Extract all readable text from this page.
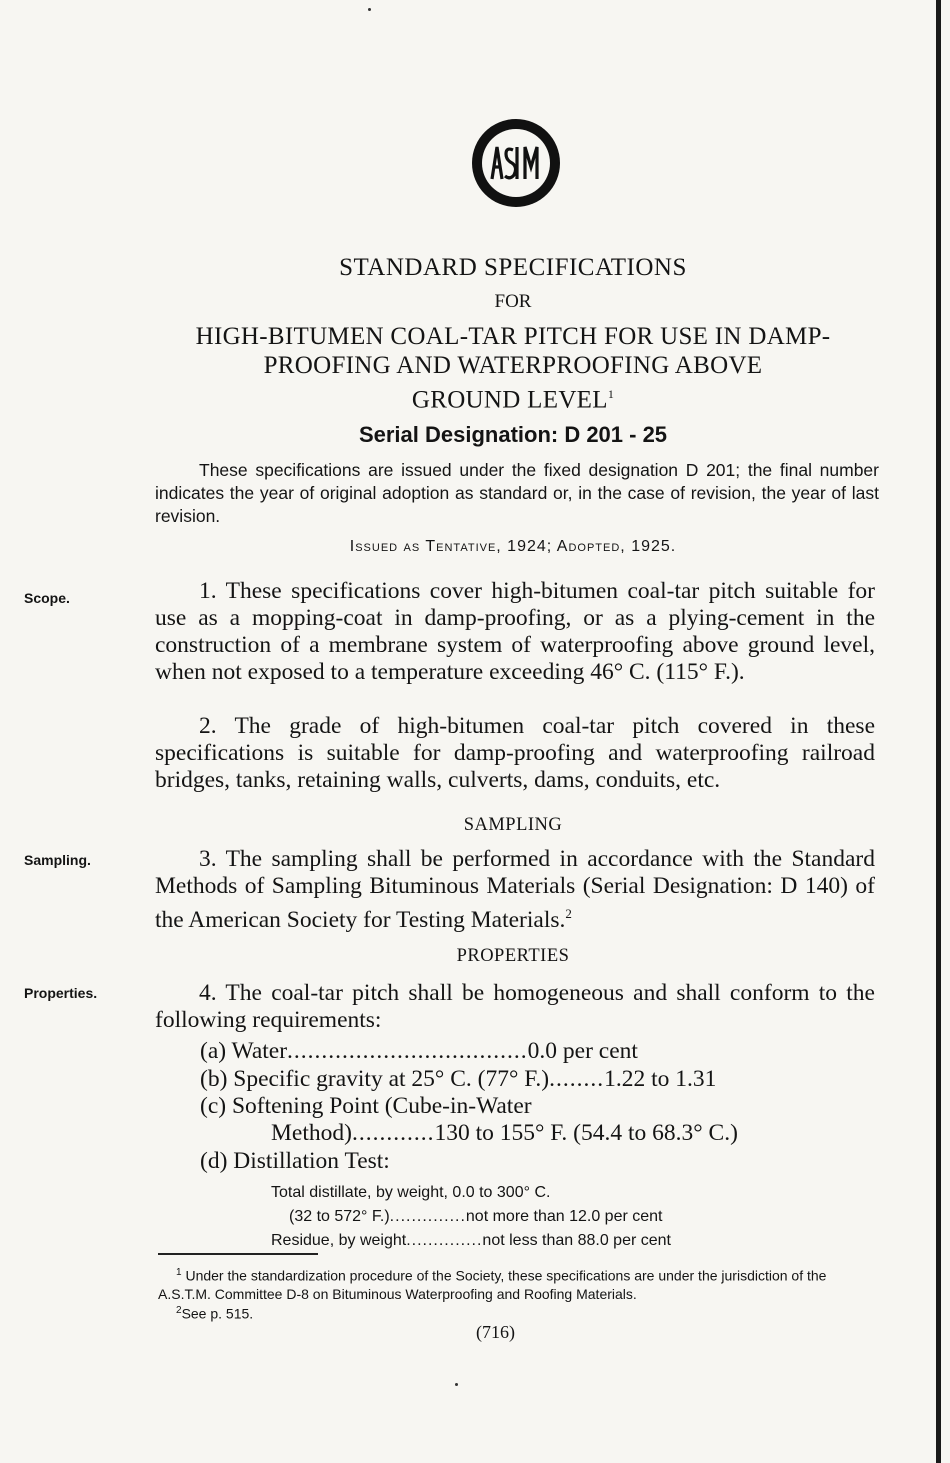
STANDARD SPECIFICATIONS
FOR
HIGH-BITUMEN COAL-TAR PITCH FOR USE IN DAMP-
PROOFING AND WATERPROOFING ABOVE
GROUND LEVEL$^1$
Serial Designation: D 201 - 25
These specifications are issued under the fixed designation D 201; the final number indicates the year of original adoption as standard or, in the case of revision, the year of last revision.
Issued as Tentative, 1924; Adopted, 1925.
Scope.
Sampling.
Properties.
1. These specifications cover high-bitumen coal-tar pitch suitable for use as a mopping-coat in damp-proofing, or as a plying-cement in the construction of a membrane system of waterproofing above ground level, when not exposed to a temperature exceeding 46° C. (115° F.).
2. The grade of high-bitumen coal-tar pitch covered in these specifications is suitable for damp-proofing and waterproofing railroad bridges, tanks, retaining walls, culverts, dams, conduits, etc.
SAMPLING
3. The sampling shall be performed in accordance with the Standard Methods of Sampling Bituminous Materials (Serial Designation: D 140) of the American Society for Testing Materials.$^2$
PROPERTIES
4. The coal-tar pitch shall be homogeneous and shall conform to the following requirements:
(a) Water...................................0.0 per cent
(b) Specific gravity at 25° C. (77° F.)........1.22 to 1.31
(c) Softening Point (Cube-in-Water
Method)............130 to 155° F. (54.4 to 68.3° C.)
(d) Distillation Test:
Total distillate, by weight, 0.0 to 300° C.
(32 to 572° F.)..............not more than 12.0 per cent
Residue, by weight..............not less than 88.0 per cent
$^1$ Under the standardization procedure of the Society, these specifications are under the jurisdiction of the A.S.T.M. Committee D-8 on Bituminous Waterproofing and Roofing Materials.
$^2$See p. 515.
(716)
